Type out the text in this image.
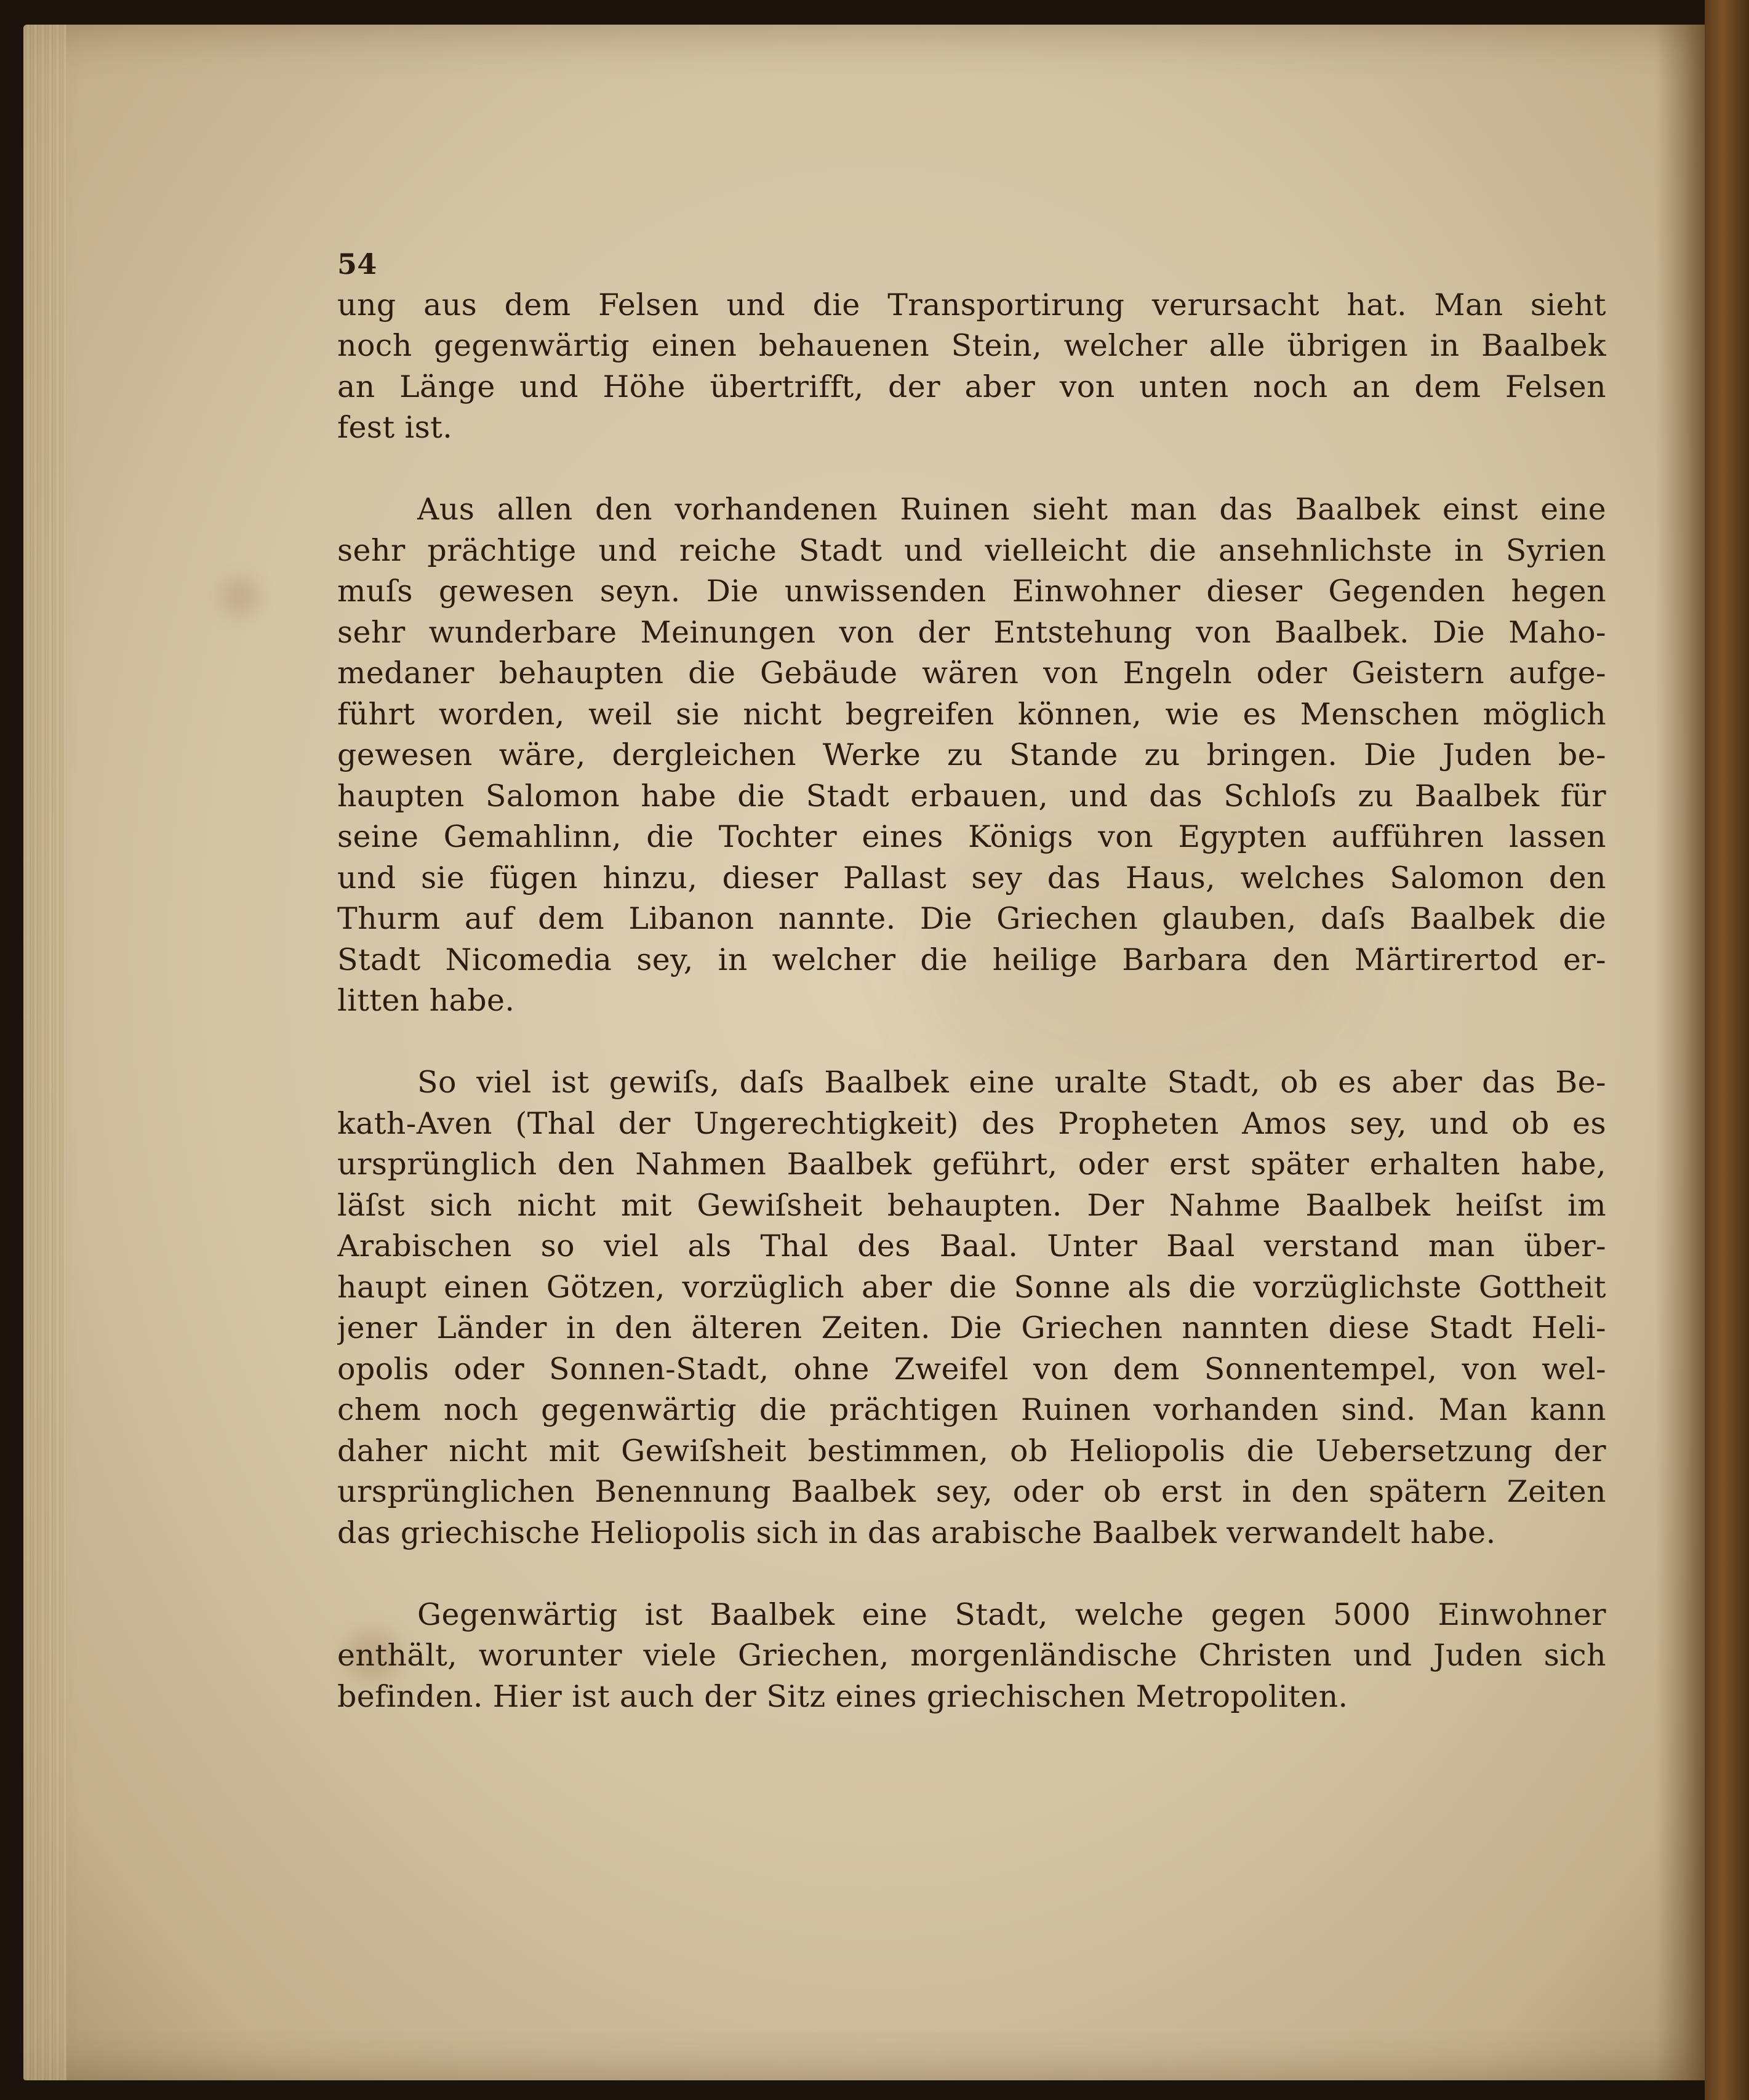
54
ung aus dem Felsen und die Transportirung verursacht hat. Man sieht
noch gegenwärtig einen behauenen Stein, welcher alle übrigen in Baalbek
an Länge und Höhe übertrifft, der aber von unten noch an dem Felsen
fest ist.
Aus allen den vorhandenen Ruinen sieht man das Baalbek einst eine
sehr prächtige und reiche Stadt und vielleicht die ansehnlichste in Syrien
muſs gewesen seyn. Die unwissenden Einwohner dieser Gegenden hegen
sehr wunderbare Meinungen von der Entstehung von Baalbek. Die Maho-
medaner behaupten die Gebäude wären von Engeln oder Geistern aufge-
führt worden, weil sie nicht begreifen können, wie es Menschen möglich
gewesen wäre, dergleichen Werke zu Stande zu bringen. Die Juden be-
haupten Salomon habe die Stadt erbauen, und das Schloſs zu Baalbek für
seine Gemahlinn, die Tochter eines Königs von Egypten aufführen lassen
und sie fügen hinzu, dieser Pallast sey das Haus, welches Salomon den
Thurm auf dem Libanon nannte. Die Griechen glauben, daſs Baalbek die
Stadt Nicomedia sey, in welcher die heilige Barbara den Märtirertod er-
litten habe.
So viel ist gewiſs, daſs Baalbek eine uralte Stadt, ob es aber das Be-
kath-Aven (Thal der Ungerechtigkeit) des Propheten Amos sey, und ob es
ursprünglich den Nahmen Baalbek geführt, oder erst später erhalten habe,
läſst sich nicht mit Gewiſsheit behaupten. Der Nahme Baalbek heiſst im
Arabischen so viel als Thal des Baal. Unter Baal verstand man über-
haupt einen Götzen, vorzüglich aber die Sonne als die vorzüglichste Gottheit
jener Länder in den älteren Zeiten. Die Griechen nannten diese Stadt Heli-
opolis oder Sonnen-Stadt, ohne Zweifel von dem Sonnentempel, von wel-
chem noch gegenwärtig die prächtigen Ruinen vorhanden sind. Man kann
daher nicht mit Gewiſsheit bestimmen, ob Heliopolis die Uebersetzung der
ursprünglichen Benennung Baalbek sey, oder ob erst in den spätern Zeiten
das griechische Heliopolis sich in das arabische Baalbek verwandelt habe.
Gegenwärtig ist Baalbek eine Stadt, welche gegen 5000 Einwohner
enthält, worunter viele Griechen, morgenländische Christen und Juden sich
befinden. Hier ist auch der Sitz eines griechischen Metropoliten.
